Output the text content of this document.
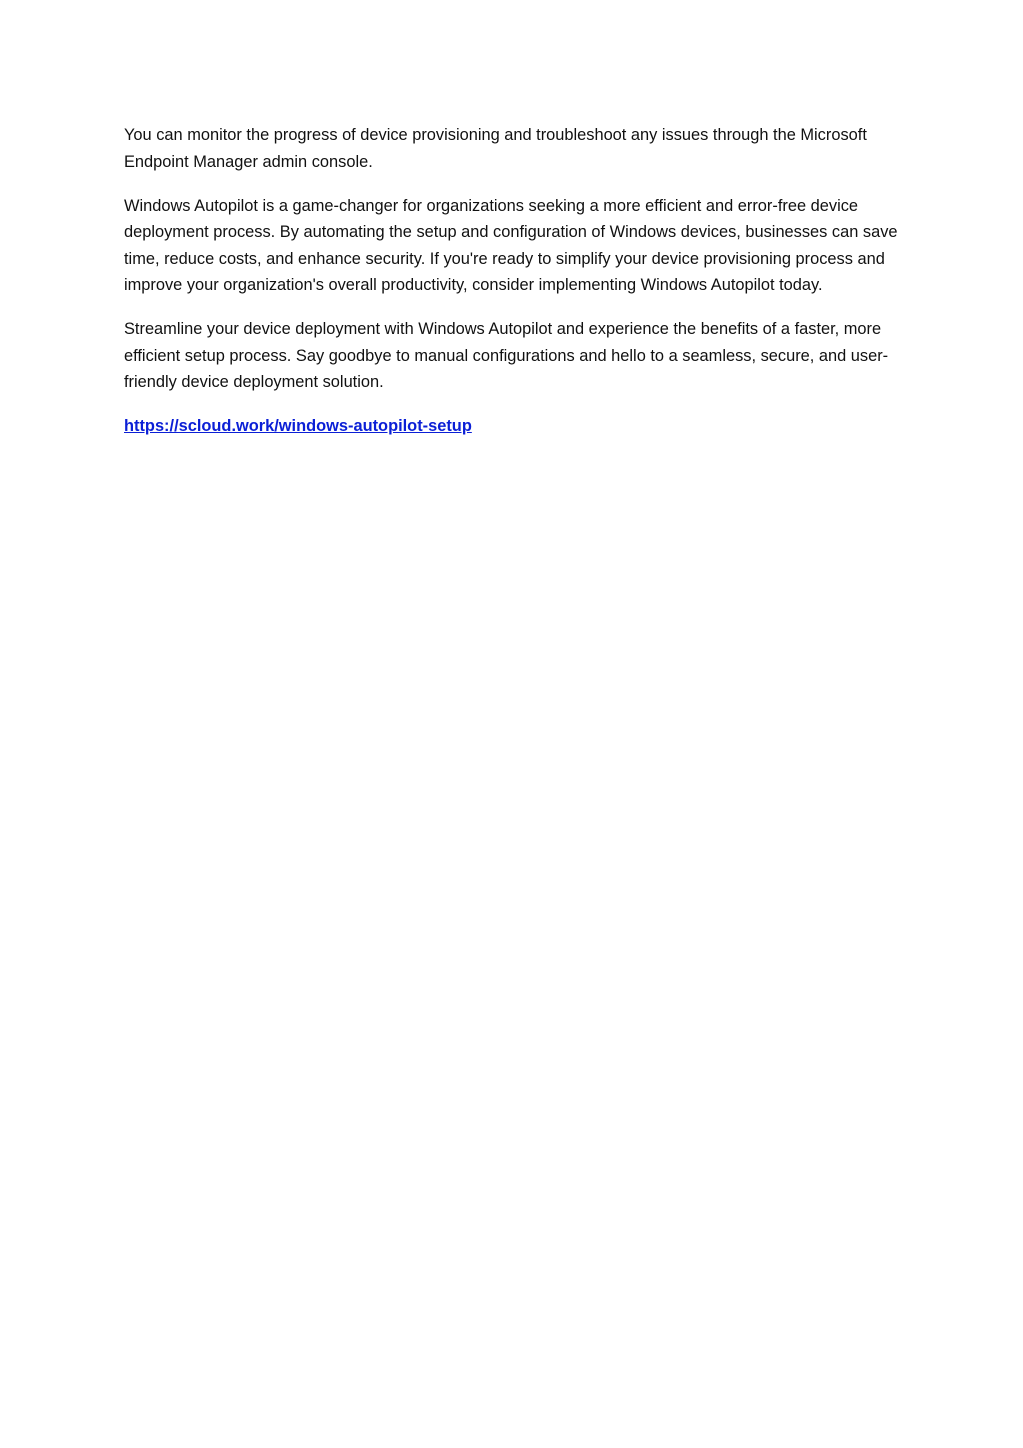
You can monitor the progress of device provisioning and troubleshoot any issues through the Microsoft Endpoint Manager admin console.

Windows Autopilot is a game-changer for organizations seeking a more efficient and error-free device deployment process. By automating the setup and configuration of Windows devices, businesses can save time, reduce costs, and enhance security. If you're ready to simplify your device provisioning process and improve your organization's overall productivity, consider implementing Windows Autopilot today.

Streamline your device deployment with Windows Autopilot and experience the benefits of a faster, more efficient setup process. Say goodbye to manual configurations and hello to a seamless, secure, and user-friendly device deployment solution.

https://scloud.work/windows-autopilot-setup
